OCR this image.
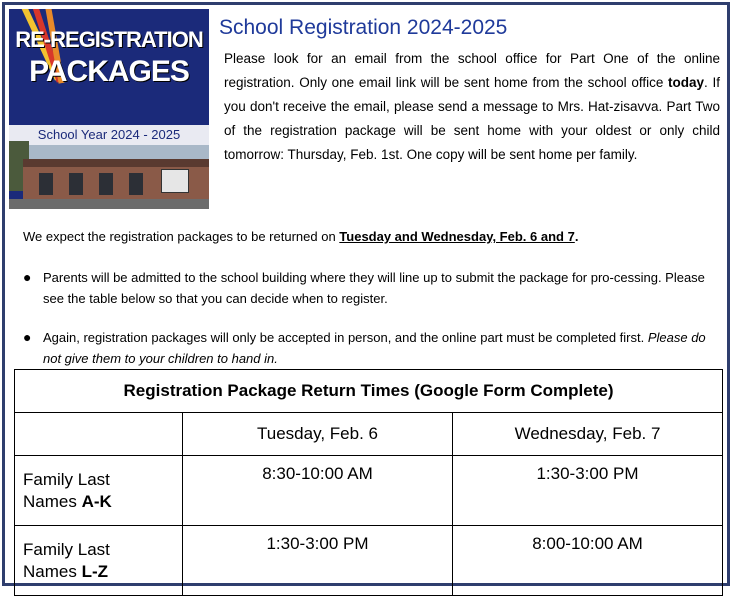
RE-REGISTRATION
PACKAGES
School Year 2024 - 2025
School Registration 2024-2025
Please look for an email from the school office for Part One of the online registration. Only one email link will be sent home from the school office today. If you don't receive the email, please send a message to Mrs. Hat-zisavva. Part Two of the registration package will be sent home with your oldest or only child tomorrow: Thursday, Feb. 1st. One copy will be sent home per family.
We expect the registration packages to be returned on Tuesday and Wednesday, Feb. 6 and 7.
● Parents will be admitted to the school building where they will line up to submit the package for pro-cessing. Please see the table below so that you can decide when to register.
● Again, registration packages will only be accepted in person, and the online part must be completed first. Please do not give them to your children to hand in.
Registration Package Return Times (Google Form Complete)		
	Tuesday, Feb. 6	Wednesday, Feb. 7
Family Last
Names A-K	8:30-10:00 AM	1:30-3:00 PM
Family Last
Names L-Z	1:30-3:00 PM	8:00-10:00 AM
